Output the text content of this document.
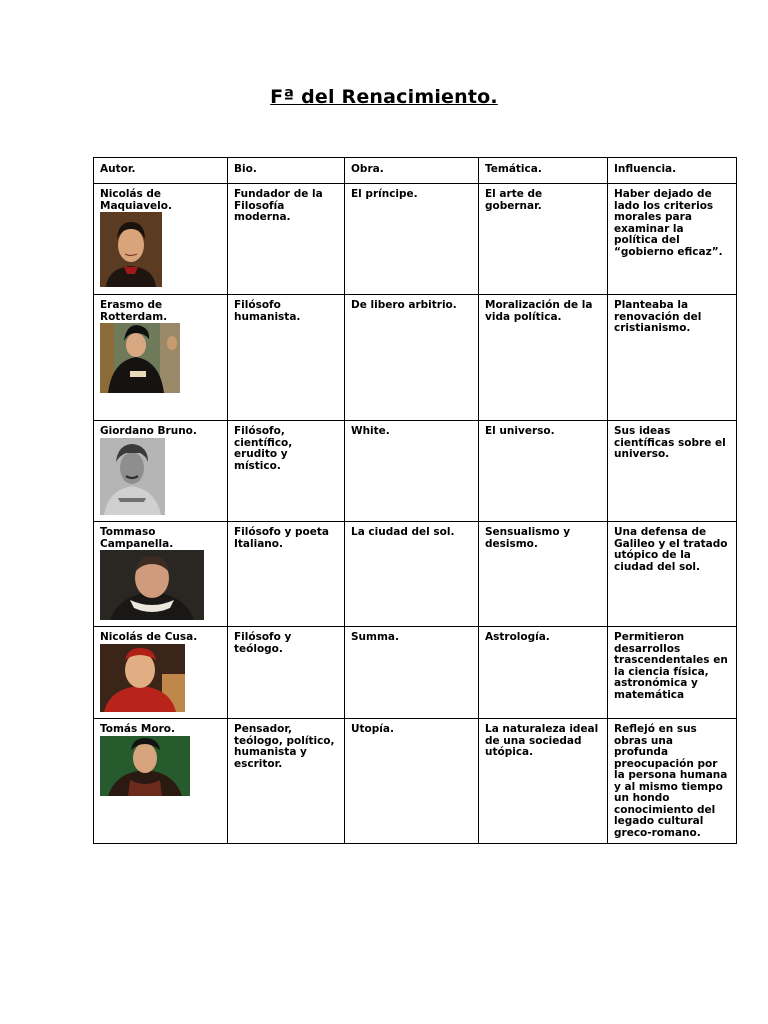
Fª del Renacimiento.
Autor.	Bio.	Obra.	Temática.	Influencia.

Nicolás de Maquiavelo.	Fundador de la Filosofía moderna.	El príncipe.	El arte de gobernar.	Haber dejado de lado los criterios morales para examinar la política del “gobierno eficaz”.

Erasmo de Rotterdam.	Filósofo humanista.	De libero arbitrio.	Moralización de la vida política.	Planteaba la renovación del cristianismo.

Giordano Bruno.	Filósofo, científico, erudito y místico.	White.	El universo.	Sus ideas científicas sobre el universo.

Tommaso Campanella.	Filósofo y poeta Italiano.	La ciudad del sol.	Sensualismo y desismo.	Una defensa de Galileo y el tratado utópico de la ciudad del sol.

Nicolás de Cusa.	Filósofo y teólogo.	Summa.	Astrología.	Permitieron desarrollos trascendentales en la ciencia física, astronómica y matemática

Tomás Moro.	Pensador, teólogo, político, humanista y escritor.	Utopía.	La naturaleza ideal de una sociedad utópica.	Reflejó en sus obras una profunda preocupación por la persona humana y al mismo tiempo un hondo conocimiento del legado cultural greco-romano.
